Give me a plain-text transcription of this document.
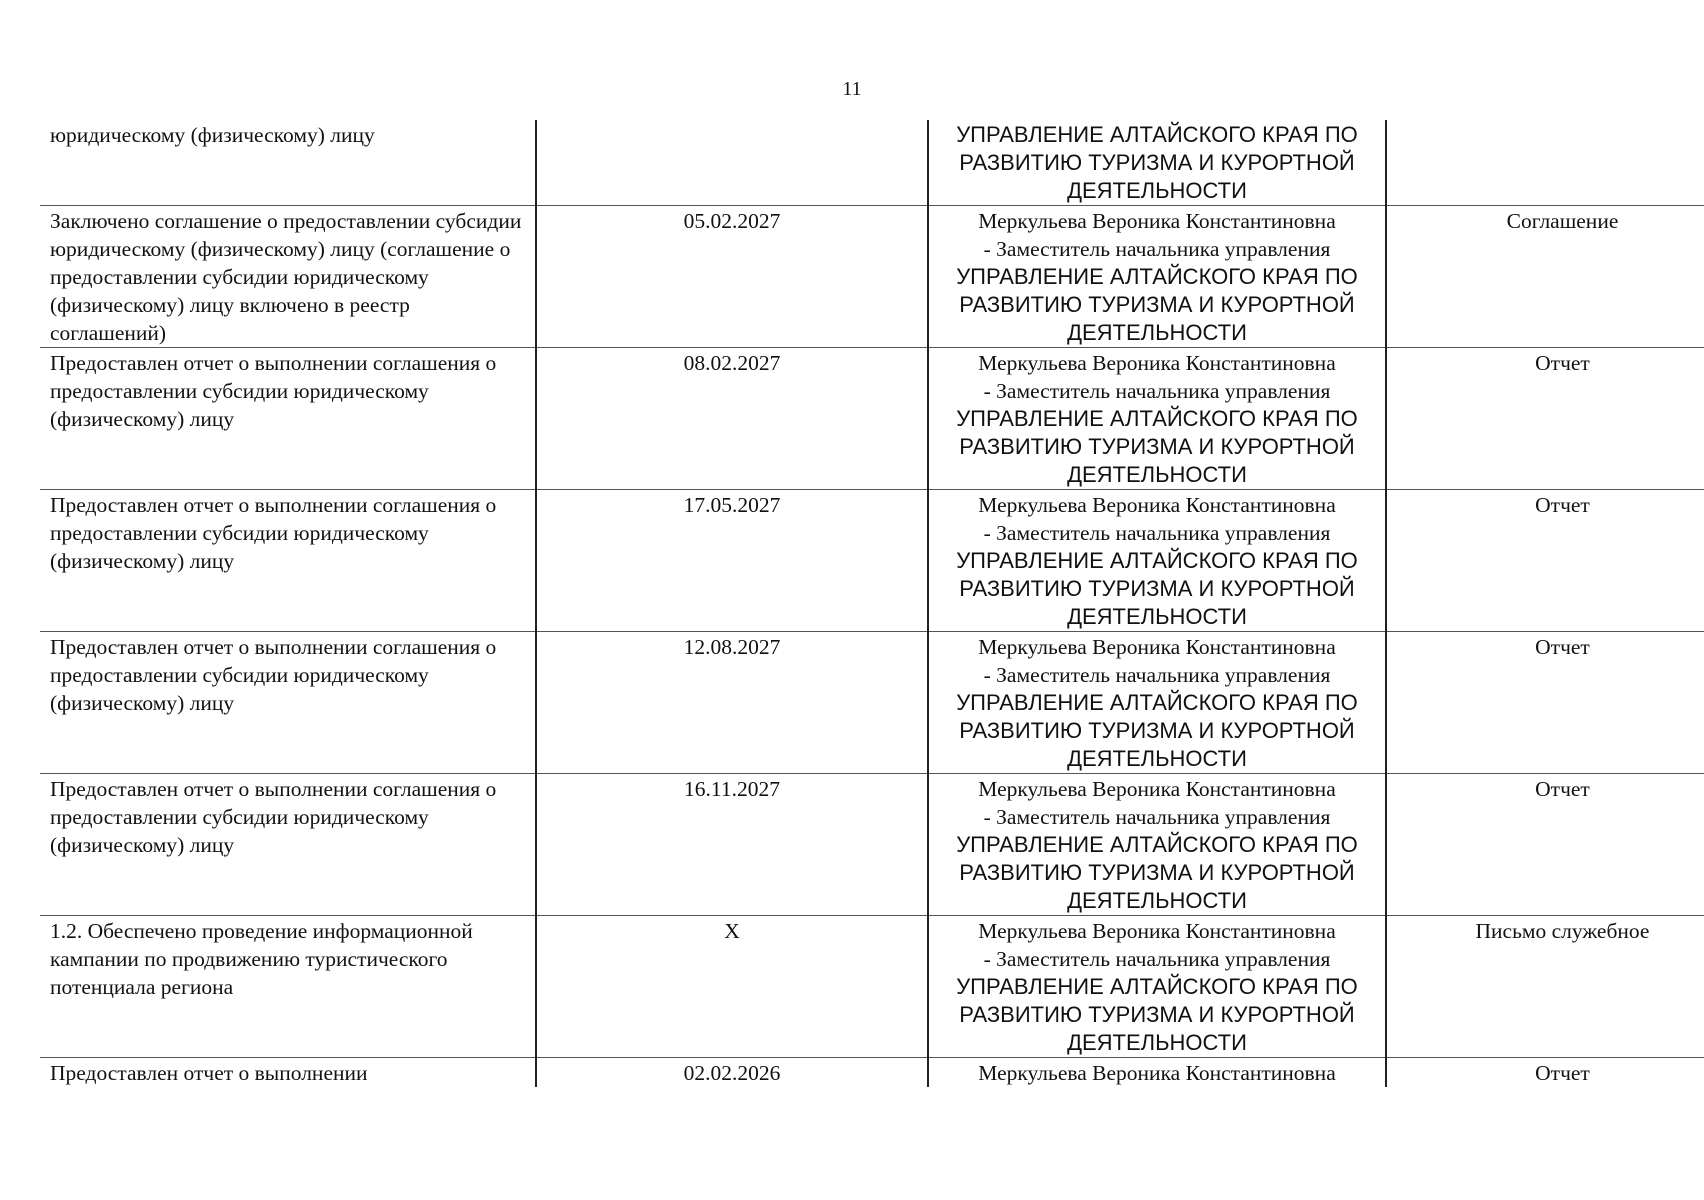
11
юридическому (физическому) лицу		УПРАВЛЕНИЕ АЛТАЙСКОГО КРАЯ ПО РАЗВИТИЮ ТУРИЗМА И КУРОРТНОЙ ДЕЯТЕЛЬНОСТИ	

Заключено соглашение о предоставлении субсидии юридическому (физическому) лицу (соглашение о предоставлении субсидии юридическому (физическому) лицу включено в реестр соглашений)	05.02.2027	Меркульева Вероника Константиновна
- Заместитель начальника управления
УПРАВЛЕНИЕ АЛТАЙСКОГО КРАЯ ПО РАЗВИТИЮ ТУРИЗМА И КУРОРТНОЙ ДЕЯТЕЛЬНОСТИ	Соглашение
Предоставлен отчет о выполнении соглашения о предоставлении субсидии юридическому (физическому) лицу	08.02.2027	Меркульева Вероника Константиновна
- Заместитель начальника управления
УПРАВЛЕНИЕ АЛТАЙСКОГО КРАЯ ПО РАЗВИТИЮ ТУРИЗМА И КУРОРТНОЙ ДЕЯТЕЛЬНОСТИ	Отчет
Предоставлен отчет о выполнении соглашения о предоставлении субсидии юридическому (физическому) лицу	17.05.2027	Меркульева Вероника Константиновна
- Заместитель начальника управления
УПРАВЛЕНИЕ АЛТАЙСКОГО КРАЯ ПО РАЗВИТИЮ ТУРИЗМА И КУРОРТНОЙ ДЕЯТЕЛЬНОСТИ	Отчет
Предоставлен отчет о выполнении соглашения о предоставлении субсидии юридическому (физическому) лицу	12.08.2027	Меркульева Вероника Константиновна
- Заместитель начальника управления
УПРАВЛЕНИЕ АЛТАЙСКОГО КРАЯ ПО РАЗВИТИЮ ТУРИЗМА И КУРОРТНОЙ ДЕЯТЕЛЬНОСТИ	Отчет
Предоставлен отчет о выполнении соглашения о предоставлении субсидии юридическому (физическому) лицу	16.11.2027	Меркульева Вероника Константиновна
- Заместитель начальника управления
УПРАВЛЕНИЕ АЛТАЙСКОГО КРАЯ ПО РАЗВИТИЮ ТУРИЗМА И КУРОРТНОЙ ДЕЯТЕЛЬНОСТИ	Отчет
1.2. Обеспечено проведение информационной кампании по продвижению туристического потенциала региона	X	Меркульева Вероника Константиновна
- Заместитель начальника управления
УПРАВЛЕНИЕ АЛТАЙСКОГО КРАЯ ПО РАЗВИТИЮ ТУРИЗМА И КУРОРТНОЙ ДЕЯТЕЛЬНОСТИ	Письмо служебное
Предоставлен отчет о выполнении	02.02.2026	Меркульева Вероника Константиновна	Отчет
